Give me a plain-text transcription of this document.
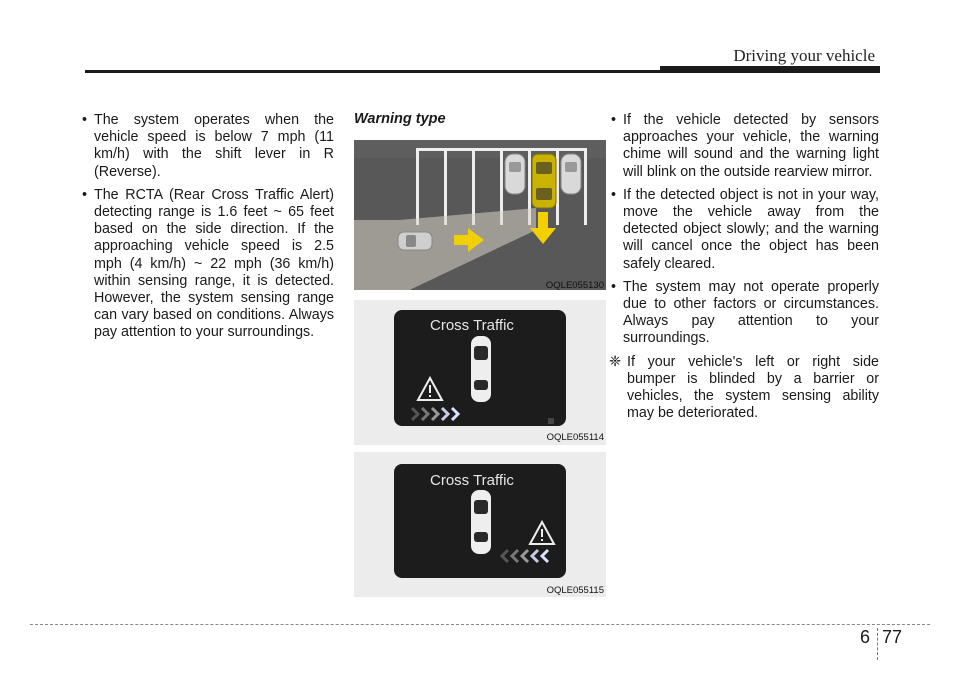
Driving your vehicle
• The system operates when the vehicle speed is below 7 mph (11 km/h) with the shift lever in R (Reverse).
• The RCTA (Rear Cross Traffic Alert) detecting range is 1.6 feet ~ 65 feet based on the side direction. If the approaching vehicle speed is 2.5 mph (4 km/h) ~ 22 mph (36 km/h) within sensing range, it is detected. However, the system sensing range can vary based on conditions. Always pay attention to your surroundings.
Warning type
OQLE055130
Cross Traffic
OQLE055114
Cross Traffic
OQLE055115
• If the vehicle detected by sensors approaches your vehicle, the warning chime will sound and the warning light will blink on the outside rearview mirror.
• If the detected object is not in your way, move the vehicle away from the detected object slowly; and the warning will cancel once the object has been safely cleared.
• The system may not operate properly due to other factors or circumstances. Always pay attention to your surroundings.
❈ If your vehicle's left or right side bumper is blinded by a barrier or vehicles, the system sensing ability may be deteriorated.
6 77
